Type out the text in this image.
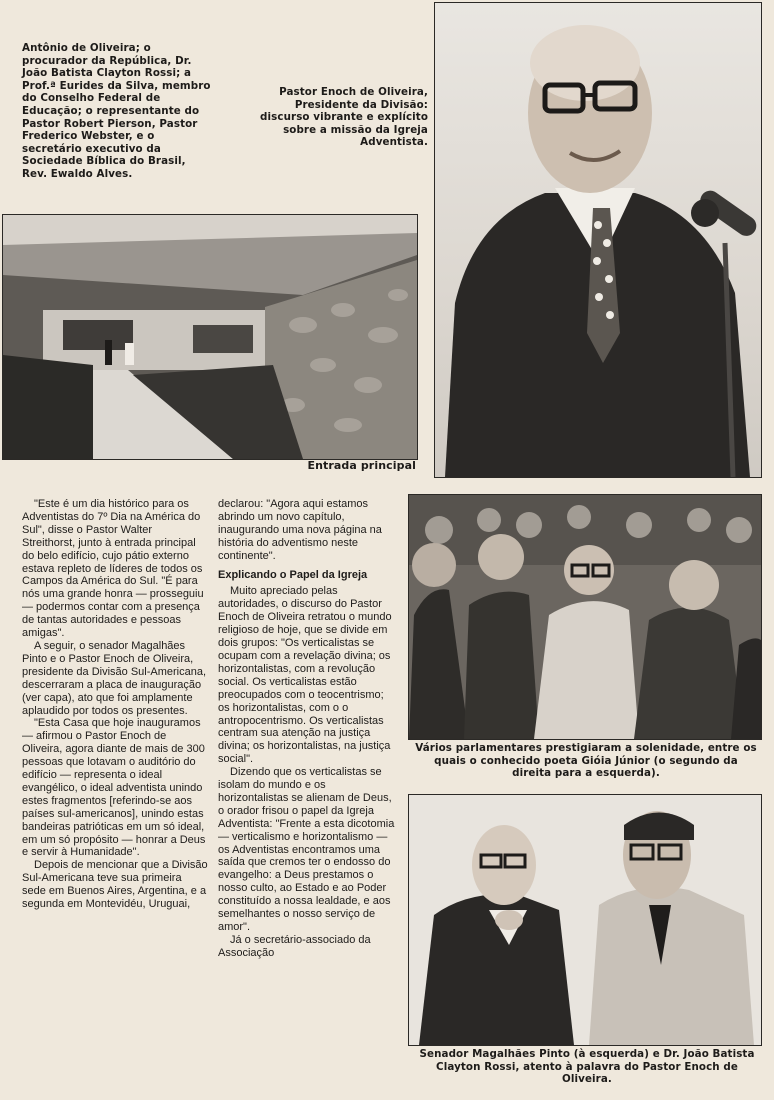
Antônio de Oliveira; o procurador da República, Dr. João Batista Clayton Rossi; a Prof.ª Eurides da Silva, membro do Conselho Federal de Educação; o representante do Pastor Robert Pierson, Pastor Frederico Webster, e o secretário executivo da Sociedade Bíblica do Brasil, Rev. Ewaldo Alves.

Pastor Enoch de Oliveira, Presidente da Divisão: discurso vibrante e explícito sobre a missão da Igreja Adventista.

Entrada principal

"Este é um dia histórico para os Adventistas do 7º Dia na América do Sul", disse o Pastor Walter Streithorst, junto à entrada principal do belo edifício, cujo pátio externo estava repleto de líderes de todos os Campos da América do Sul. "É para nós uma grande honra — prosseguiu — podermos contar com a presença de tantas autoridades e pessoas amigas".

A seguir, o senador Magalhães Pinto e o Pastor Enoch de Oliveira, presidente da Divisão Sul-Americana, descerraram a placa de inauguração (ver capa), ato que foi amplamente aplaudido por todos os presentes.

"Esta Casa que hoje inauguramos — afirmou o Pastor Enoch de Oliveira, agora diante de mais de 300 pessoas que lotavam o auditório do edifício — representa o ideal evangélico, o ideal adventista unindo estes fragmentos [referindo-se aos países sul-americanos], unindo estas bandeiras patrióticas em um só ideal, em um só propósito — honrar a Deus e servir à Humanidade".

Depois de mencionar que a Divisão Sul-Americana teve sua primeira sede em Buenos Aires, Argentina, e a segunda em Montevidéu, Uruguai,

declarou: "Agora aqui estamos abrindo um novo capítulo, inaugurando uma nova página na história do adventismo neste continente".

Explicando o Papel da Igreja

Muito apreciado pelas autoridades, o discurso do Pastor Enoch de Oliveira retratou o mundo religioso de hoje, que se divide em dois grupos: "Os verticalistas se ocupam com a revelação divina; os horizontalistas, com a revolução social. Os verticalistas estão preocupados com o teocentrismo; os horizontalistas, com o o antropocentrismo. Os verticalistas centram sua atenção na justiça divina; os horizontalistas, na justiça social".

Dizendo que os verticalistas se isolam do mundo e os horizontalistas se alienam de Deus, o orador frisou o papel da Igreja Adventista: "Frente a esta dicotomia — verticalismo e horizontalismo — os Adventistas encontramos uma saída que cremos ter o endosso do evangelho: a Deus prestamos o nosso culto, ao Estado e ao Poder constituído a nossa lealdade, e aos semelhantes o nosso serviço de amor".

Já o secretário-associado da Associação

Vários parlamentares prestigiaram a solenidade, entre os quais o conhecido poeta Gióia Júnior (o segundo da direita para a esquerda).

Senador Magalhães Pinto (à esquerda) e Dr. João Batista Clayton Rossi, atento à palavra do Pastor Enoch de Oliveira.
